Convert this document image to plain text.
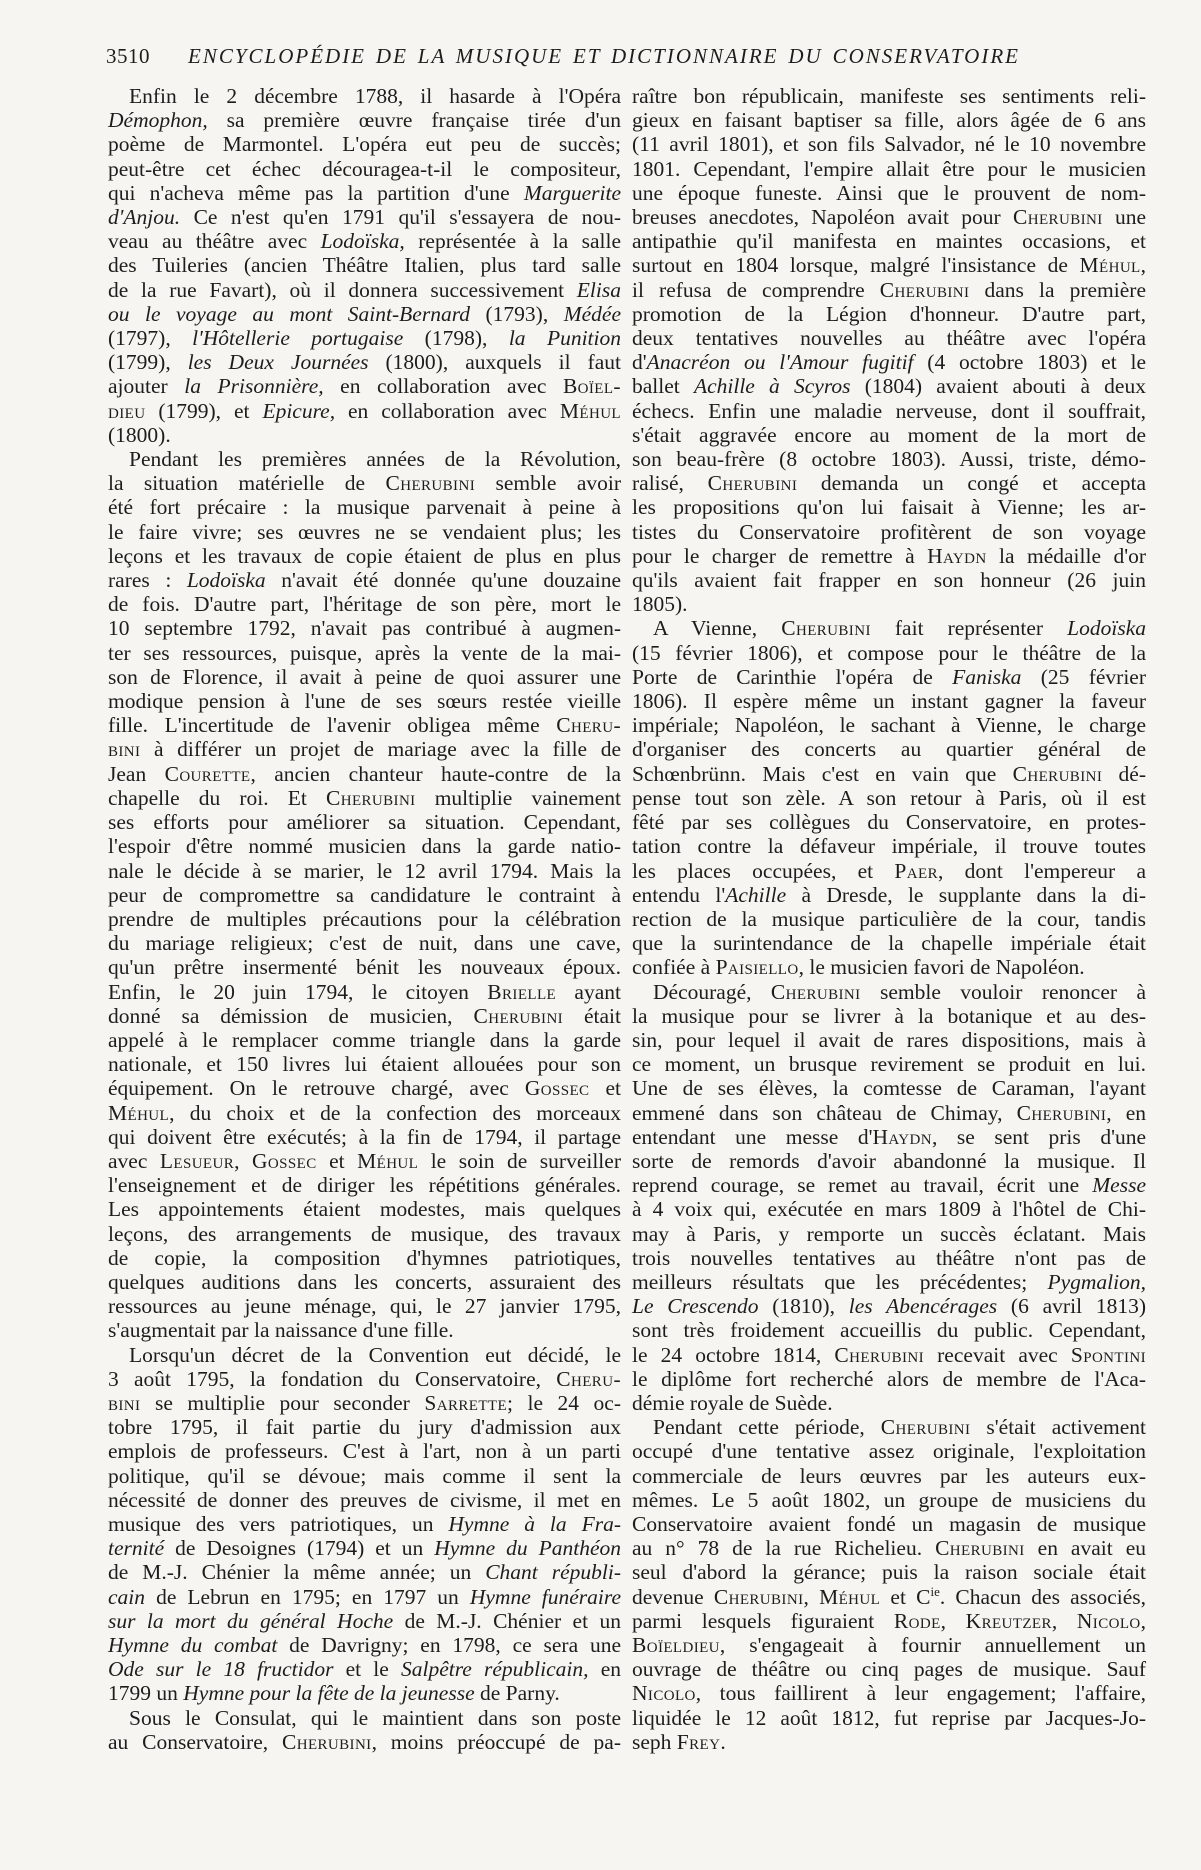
3510 ENCYCLOPÉDIE DE LA MUSIQUE ET DICTIONNAIRE DU CONSERVATOIRE
Enfin le 2 décembre 1788, il hasarde à l'Opéra
Démophon, sa première œuvre française tirée d'un
poème de Marmontel. L'opéra eut peu de succès;
peut-être cet échec découragea-t-il le compositeur,
qui n'acheva même pas la partition d'une Marguerite
d'Anjou. Ce n'est qu'en 1791 qu'il s'essayera de nou-
veau au théâtre avec Lodoïska, représentée à la salle
des Tuileries (ancien Théâtre Italien, plus tard salle
de la rue Favart), où il donnera successivement Elisa
ou le voyage au mont Saint-Bernard (1793), Médée
(1797), l'Hôtellerie portugaise (1798), la Punition
(1799), les Deux Journées (1800), auxquels il faut
ajouter la Prisonnière, en collaboration avec Boïel-
dieu (1799), et Epicure, en collaboration avec Méhul
(1800).
Pendant les premières années de la Révolution,
la situation matérielle de Cherubini semble avoir
été fort précaire : la musique parvenait à peine à
le faire vivre; ses œuvres ne se vendaient plus; les
leçons et les travaux de copie étaient de plus en plus
rares : Lodoïska n'avait été donnée qu'une douzaine
de fois. D'autre part, l'héritage de son père, mort le
10 septembre 1792, n'avait pas contribué à augmen-
ter ses ressources, puisque, après la vente de la mai-
son de Florence, il avait à peine de quoi assurer une
modique pension à l'une de ses sœurs restée vieille
fille. L'incertitude de l'avenir obligea même Cheru-
bini à différer un projet de mariage avec la fille de
Jean Courette, ancien chanteur haute-contre de la
chapelle du roi. Et Cherubini multiplie vainement
ses efforts pour améliorer sa situation. Cependant,
l'espoir d'être nommé musicien dans la garde natio-
nale le décide à se marier, le 12 avril 1794. Mais la
peur de compromettre sa candidature le contraint à
prendre de multiples précautions pour la célébration
du mariage religieux; c'est de nuit, dans une cave,
qu'un prêtre insermenté bénit les nouveaux époux.
Enfin, le 20 juin 1794, le citoyen Brielle ayant
donné sa démission de musicien, Cherubini était
appelé à le remplacer comme triangle dans la garde
nationale, et 150 livres lui étaient allouées pour son
équipement. On le retrouve chargé, avec Gossec et
Méhul, du choix et de la confection des morceaux
qui doivent être exécutés; à la fin de 1794, il partage
avec Lesueur, Gossec et Méhul le soin de surveiller
l'enseignement et de diriger les répétitions générales.
Les appointements étaient modestes, mais quelques
leçons, des arrangements de musique, des travaux
de copie, la composition d'hymnes patriotiques,
quelques auditions dans les concerts, assuraient des
ressources au jeune ménage, qui, le 27 janvier 1795,
s'augmentait par la naissance d'une fille.
Lorsqu'un décret de la Convention eut décidé, le
3 août 1795, la fondation du Conservatoire, Cheru-
bini se multiplie pour seconder Sarrette; le 24 oc-
tobre 1795, il fait partie du jury d'admission aux
emplois de professeurs. C'est à l'art, non à un parti
politique, qu'il se dévoue; mais comme il sent la
nécessité de donner des preuves de civisme, il met en
musique des vers patriotiques, un Hymne à la Fra-
ternité de Desoignes (1794) et un Hymne du Panthéon
de M.-J. Chénier la même année; un Chant républi-
cain de Lebrun en 1795; en 1797 un Hymne funéraire
sur la mort du général Hoche de M.-J. Chénier et un
Hymne du combat de Davrigny; en 1798, ce sera une
Ode sur le 18 fructidor et le Salpêtre républicain, en
1799 un Hymne pour la fête de la jeunesse de Parny.
Sous le Consulat, qui le maintient dans son poste
au Conservatoire, Cherubini, moins préoccupé de pa-
raître bon républicain, manifeste ses sentiments reli-
gieux en faisant baptiser sa fille, alors âgée de 6 ans
(11 avril 1801), et son fils Salvador, né le 10 novembre
1801. Cependant, l'empire allait être pour le musicien
une époque funeste. Ainsi que le prouvent de nom-
breuses anecdotes, Napoléon avait pour Cherubini une
antipathie qu'il manifesta en maintes occasions, et
surtout en 1804 lorsque, malgré l'insistance de Méhul,
il refusa de comprendre Cherubini dans la première
promotion de la Légion d'honneur. D'autre part,
deux tentatives nouvelles au théâtre avec l'opéra
d'Anacréon ou l'Amour fugitif (4 octobre 1803) et le
ballet Achille à Scyros (1804) avaient abouti à deux
échecs. Enfin une maladie nerveuse, dont il souffrait,
s'était aggravée encore au moment de la mort de
son beau-frère (8 octobre 1803). Aussi, triste, démo-
ralisé, Cherubini demanda un congé et accepta
les propositions qu'on lui faisait à Vienne; les ar-
tistes du Conservatoire profitèrent de son voyage
pour le charger de remettre à Haydn la médaille d'or
qu'ils avaient fait frapper en son honneur (26 juin
1805).
A Vienne, Cherubini fait représenter Lodoïska
(15 février 1806), et compose pour le théâtre de la
Porte de Carinthie l'opéra de Faniska (25 février
1806). Il espère même un instant gagner la faveur
impériale; Napoléon, le sachant à Vienne, le charge
d'organiser des concerts au quartier général de
Schœnbrünn. Mais c'est en vain que Cherubini dé-
pense tout son zèle. A son retour à Paris, où il est
fêté par ses collègues du Conservatoire, en protes-
tation contre la défaveur impériale, il trouve toutes
les places occupées, et Paer, dont l'empereur a
entendu l'Achille à Dresde, le supplante dans la di-
rection de la musique particulière de la cour, tandis
que la surintendance de la chapelle impériale était
confiée à Paisiello, le musicien favori de Napoléon.
Découragé, Cherubini semble vouloir renoncer à
la musique pour se livrer à la botanique et au des-
sin, pour lequel il avait de rares dispositions, mais à
ce moment, un brusque revirement se produit en lui.
Une de ses élèves, la comtesse de Caraman, l'ayant
emmené dans son château de Chimay, Cherubini, en
entendant une messe d'Haydn, se sent pris d'une
sorte de remords d'avoir abandonné la musique. Il
reprend courage, se remet au travail, écrit une Messe
à 4 voix qui, exécutée en mars 1809 à l'hôtel de Chi-
may à Paris, y remporte un succès éclatant. Mais
trois nouvelles tentatives au théâtre n'ont pas de
meilleurs résultats que les précédentes; Pygmalion,
Le Crescendo (1810), les Abencérages (6 avril 1813)
sont très froidement accueillis du public. Cependant,
le 24 octobre 1814, Cherubini recevait avec Spontini
le diplôme fort recherché alors de membre de l'Aca-
démie royale de Suède.
Pendant cette période, Cherubini s'était activement
occupé d'une tentative assez originale, l'exploitation
commerciale de leurs œuvres par les auteurs eux-
mêmes. Le 5 août 1802, un groupe de musiciens du
Conservatoire avaient fondé un magasin de musique
au n° 78 de la rue Richelieu. Cherubini en avait eu
seul d'abord la gérance; puis la raison sociale était
devenue Cherubini, Méhul et $C^{ie}$. Chacun des associés,
parmi lesquels figuraient Rode, Kreutzer, Nicolo,
Boïeldieu, s'engageait à fournir annuellement un
ouvrage de théâtre ou cinq pages de musique. Sauf
Nicolo, tous faillirent à leur engagement; l'affaire,
liquidée le 12 août 1812, fut reprise par Jacques-Jo-
seph Frey.
